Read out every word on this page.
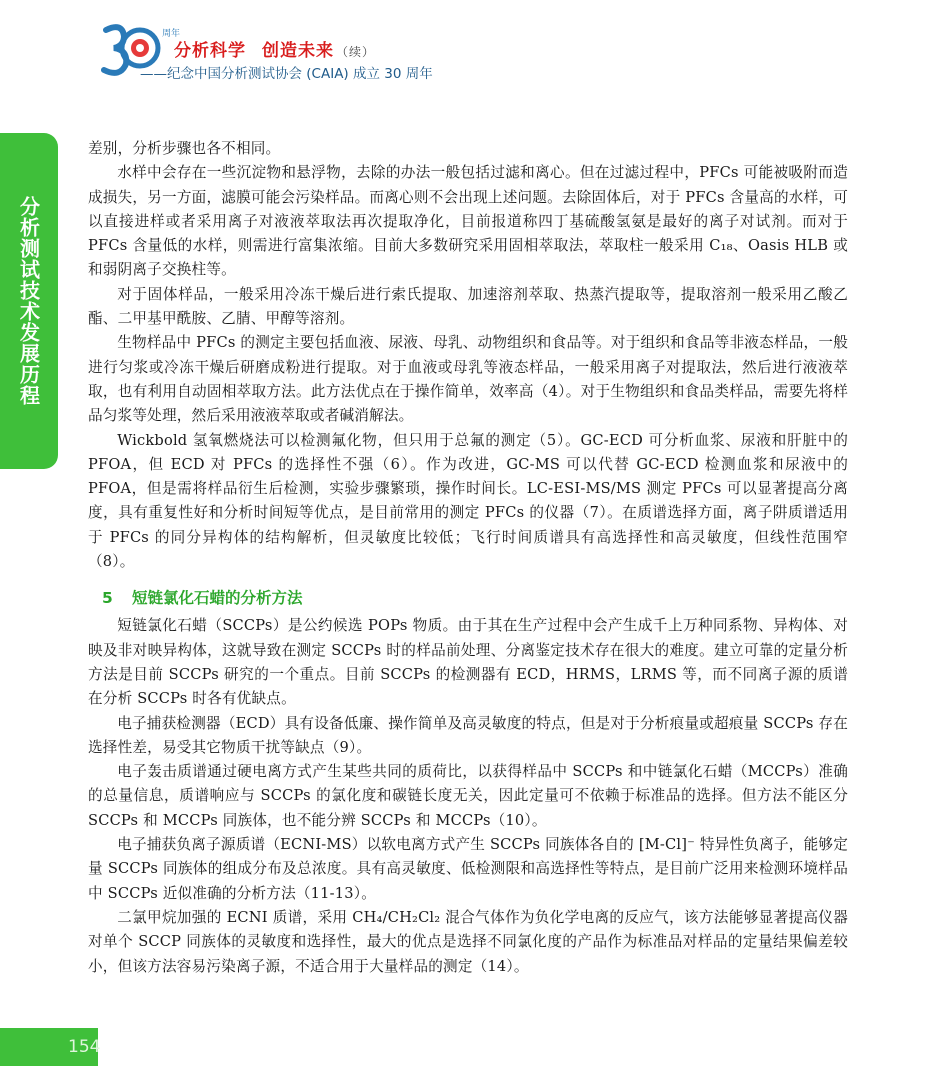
周年
分析科学 创造未来 （续）
——纪念中国分析测试协会 (CAIA) 成立 30 周年
分析测试技术发展历程

差别，分析步骤也各不相同。

水样中会存在一些沉淀物和悬浮物，去除的办法一般包括过滤和离心。但在过滤过程中，PFCs 可能被吸附而造成损失，另一方面，滤膜可能会污染样品。而离心则不会出现上述问题。去除固体后，对于 PFCs 含量高的水样，可以直接进样或者采用离子对液液萃取法再次提取净化，目前报道称四丁基硫酸氢氨是最好的离子对试剂。而对于 PFCs 含量低的水样，则需进行富集浓缩。目前大多数研究采用固相萃取法，萃取柱一般采用 C₁₈、Oasis HLB 或和弱阴离子交换柱等。

对于固体样品，一般采用冷冻干燥后进行索氏提取、加速溶剂萃取、热蒸汽提取等，提取溶剂一般采用乙酸乙酯、二甲基甲酰胺、乙腈、甲醇等溶剂。

生物样品中 PFCs 的测定主要包括血液、尿液、母乳、动物组织和食品等。对于组织和食品等非液态样品，一般进行匀浆或冷冻干燥后研磨成粉进行提取。对于血液或母乳等液态样品，一般采用离子对提取法，然后进行液液萃取，也有利用自动固相萃取方法。此方法优点在于操作简单，效率高（4）。对于生物组织和食品类样品，需要先将样品匀浆等处理，然后采用液液萃取或者碱消解法。

Wickbold 氢氧燃烧法可以检测氟化物，但只用于总氟的测定（5）。GC-ECD 可分析血浆、尿液和肝脏中的 PFOA，但 ECD 对 PFCs 的选择性不强（6）。作为改进，GC-MS 可以代替 GC-ECD 检测血浆和尿液中的 PFOA，但是需将样品衍生后检测，实验步骤繁琐，操作时间长。LC-ESI-MS/MS 测定 PFCs 可以显著提高分离度，具有重复性好和分析时间短等优点，是目前常用的测定 PFCs 的仪器（7）。在质谱选择方面，离子阱质谱适用于 PFCs 的同分异构体的结构解析，但灵敏度比较低；飞行时间质谱具有高选择性和高灵敏度，但线性范围窄（8）。

5 短链氯化石蜡的分析方法

短链氯化石蜡（SCCPs）是公约候选 POPs 物质。由于其在生产过程中会产生成千上万种同系物、异构体、对映及非对映异构体，这就导致在测定 SCCPs 时的样品前处理、分离鉴定技术存在很大的难度。建立可靠的定量分析方法是目前 SCCPs 研究的一个重点。目前 SCCPs 的检测器有 ECD，HRMS，LRMS 等，而不同离子源的质谱在分析 SCCPs 时各有优缺点。

电子捕获检测器（ECD）具有设备低廉、操作简单及高灵敏度的特点，但是对于分析痕量或超痕量 SCCPs 存在选择性差，易受其它物质干扰等缺点（9）。

电子轰击质谱通过硬电离方式产生某些共同的质荷比，以获得样品中 SCCPs 和中链氯化石蜡（MCCPs）准确的总量信息，质谱响应与 SCCPs 的氯化度和碳链长度无关，因此定量可不依赖于标准品的选择。但方法不能区分 SCCPs 和 MCCPs 同族体，也不能分辨 SCCPs 和 MCCPs（10）。

电子捕获负离子源质谱（ECNI-MS）以软电离方式产生 SCCPs 同族体各自的 [M-Cl]⁻ 特异性负离子，能够定量 SCCPs 同族体的组成分布及总浓度。具有高灵敏度、低检测限和高选择性等特点，是目前广泛用来检测环境样品中 SCCPs 近似准确的分析方法（11-13）。

二氯甲烷加强的 ECNI 质谱，采用 CH₄/CH₂Cl₂ 混合气体作为负化学电离的反应气，该方法能够显著提高仪器对单个 SCCP 同族体的灵敏度和选择性，最大的优点是选择不同氯化度的产品作为标准品对样品的定量结果偏差较小，但该方法容易污染离子源，不适合用于大量样品的测定（14）。

154
